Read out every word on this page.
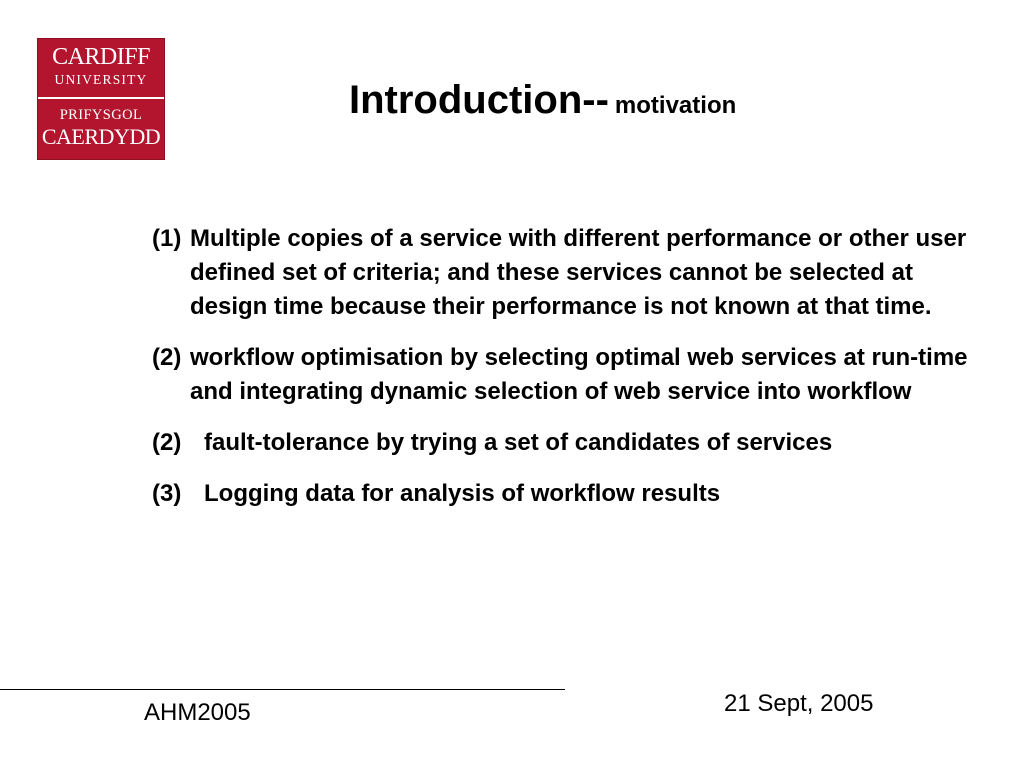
CARDIFF
UNIVERSITY
PRIFYSGOL
CAERDYDD
Introduction-- motivation
(1) Multiple copies of a service with different performance or other user defined set of criteria; and these services cannot be selected at design time because their performance is not known at that time.
(2) workflow optimisation by selecting optimal web services at run-time and integrating dynamic selection of web service into workflow
(2) fault-tolerance by trying a set of candidates of services
(3) Logging data for analysis of workflow results
AHM2005	21 Sept, 2005
